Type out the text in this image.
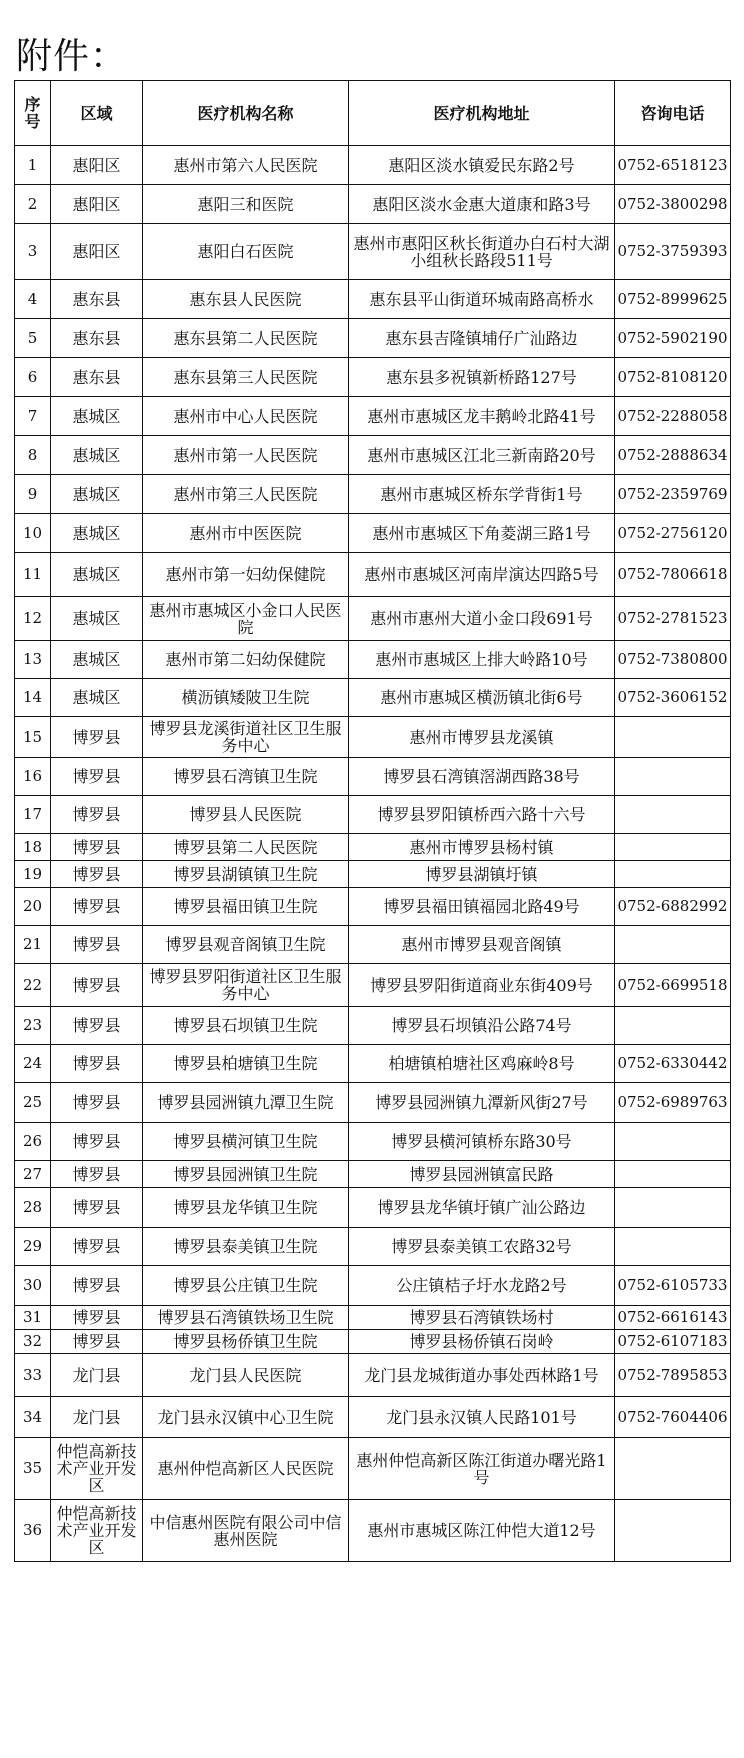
附件：
序号	区域	医疗机构名称	医疗机构地址	咨询电话
1	惠阳区	惠州市第六人民医院	惠阳区淡水镇爱民东路2号	0752-6518123
2	惠阳区	惠阳三和医院	惠阳区淡水金惠大道康和路3号	0752-3800298
3	惠阳区	惠阳白石医院	惠州市惠阳区秋长街道办白石村大湖小组秋长路段511号	0752-3759393
4	惠东县	惠东县人民医院	惠东县平山街道环城南路高桥水	0752-8999625
5	惠东县	惠东县第二人民医院	惠东县吉隆镇埔仔广汕路边	0752-5902190
6	惠东县	惠东县第三人民医院	惠东县多祝镇新桥路127号	0752-8108120
7	惠城区	惠州市中心人民医院	惠州市惠城区龙丰鹅岭北路41号	0752-2288058
8	惠城区	惠州市第一人民医院	惠州市惠城区江北三新南路20号	0752-2888634
9	惠城区	惠州市第三人民医院	惠州市惠城区桥东学背街1号	0752-2359769
10	惠城区	惠州市中医医院	惠州市惠城区下角菱湖三路1号	0752-2756120
11	惠城区	惠州市第一妇幼保健院	惠州市惠城区河南岸演达四路5号	0752-7806618
12	惠城区	惠州市惠城区小金口人民医院	惠州市惠州大道小金口段691号	0752-2781523
13	惠城区	惠州市第二妇幼保健院	惠州市惠城区上排大岭路10号	0752-7380800
14	惠城区	横沥镇矮陂卫生院	惠州市惠城区横沥镇北街6号	0752-3606152
15	博罗县	博罗县龙溪街道社区卫生服务中心	惠州市博罗县龙溪镇	
16	博罗县	博罗县石湾镇卫生院	博罗县石湾镇滘湖西路38号	
17	博罗县	博罗县人民医院	博罗县罗阳镇桥西六路十六号	
18	博罗县	博罗县第二人民医院	惠州市博罗县杨村镇	
19	博罗县	博罗县湖镇镇卫生院	博罗县湖镇圩镇	
20	博罗县	博罗县福田镇卫生院	博罗县福田镇福园北路49号	0752-6882992
21	博罗县	博罗县观音阁镇卫生院	惠州市博罗县观音阁镇	
22	博罗县	博罗县罗阳街道社区卫生服务中心	博罗县罗阳街道商业东街409号	0752-6699518
23	博罗县	博罗县石坝镇卫生院	博罗县石坝镇沿公路74号	
24	博罗县	博罗县柏塘镇卫生院	柏塘镇柏塘社区鸡麻岭8号	0752-6330442
25	博罗县	博罗县园洲镇九潭卫生院	博罗县园洲镇九潭新风街27号	0752-6989763
26	博罗县	博罗县横河镇卫生院	博罗县横河镇桥东路30号	
27	博罗县	博罗县园洲镇卫生院	博罗县园洲镇富民路	
28	博罗县	博罗县龙华镇卫生院	博罗县龙华镇圩镇广汕公路边	
29	博罗县	博罗县泰美镇卫生院	博罗县泰美镇工农路32号	
30	博罗县	博罗县公庄镇卫生院	公庄镇桔子圩水龙路2号	0752-6105733
31	博罗县	博罗县石湾镇铁场卫生院	博罗县石湾镇铁场村	0752-6616143
32	博罗县	博罗县杨侨镇卫生院	博罗县杨侨镇石岗岭	0752-6107183
33	龙门县	龙门县人民医院	龙门县龙城街道办事处西林路1号	0752-7895853
34	龙门县	龙门县永汉镇中心卫生院	龙门县永汉镇人民路101号	0752-7604406
35	仲恺高新技术产业开发区	惠州仲恺高新区人民医院	惠州仲恺高新区陈江街道办曙光路1号	
36	仲恺高新技术产业开发区	中信惠州医院有限公司中信惠州医院	惠州市惠城区陈江仲恺大道12号	
